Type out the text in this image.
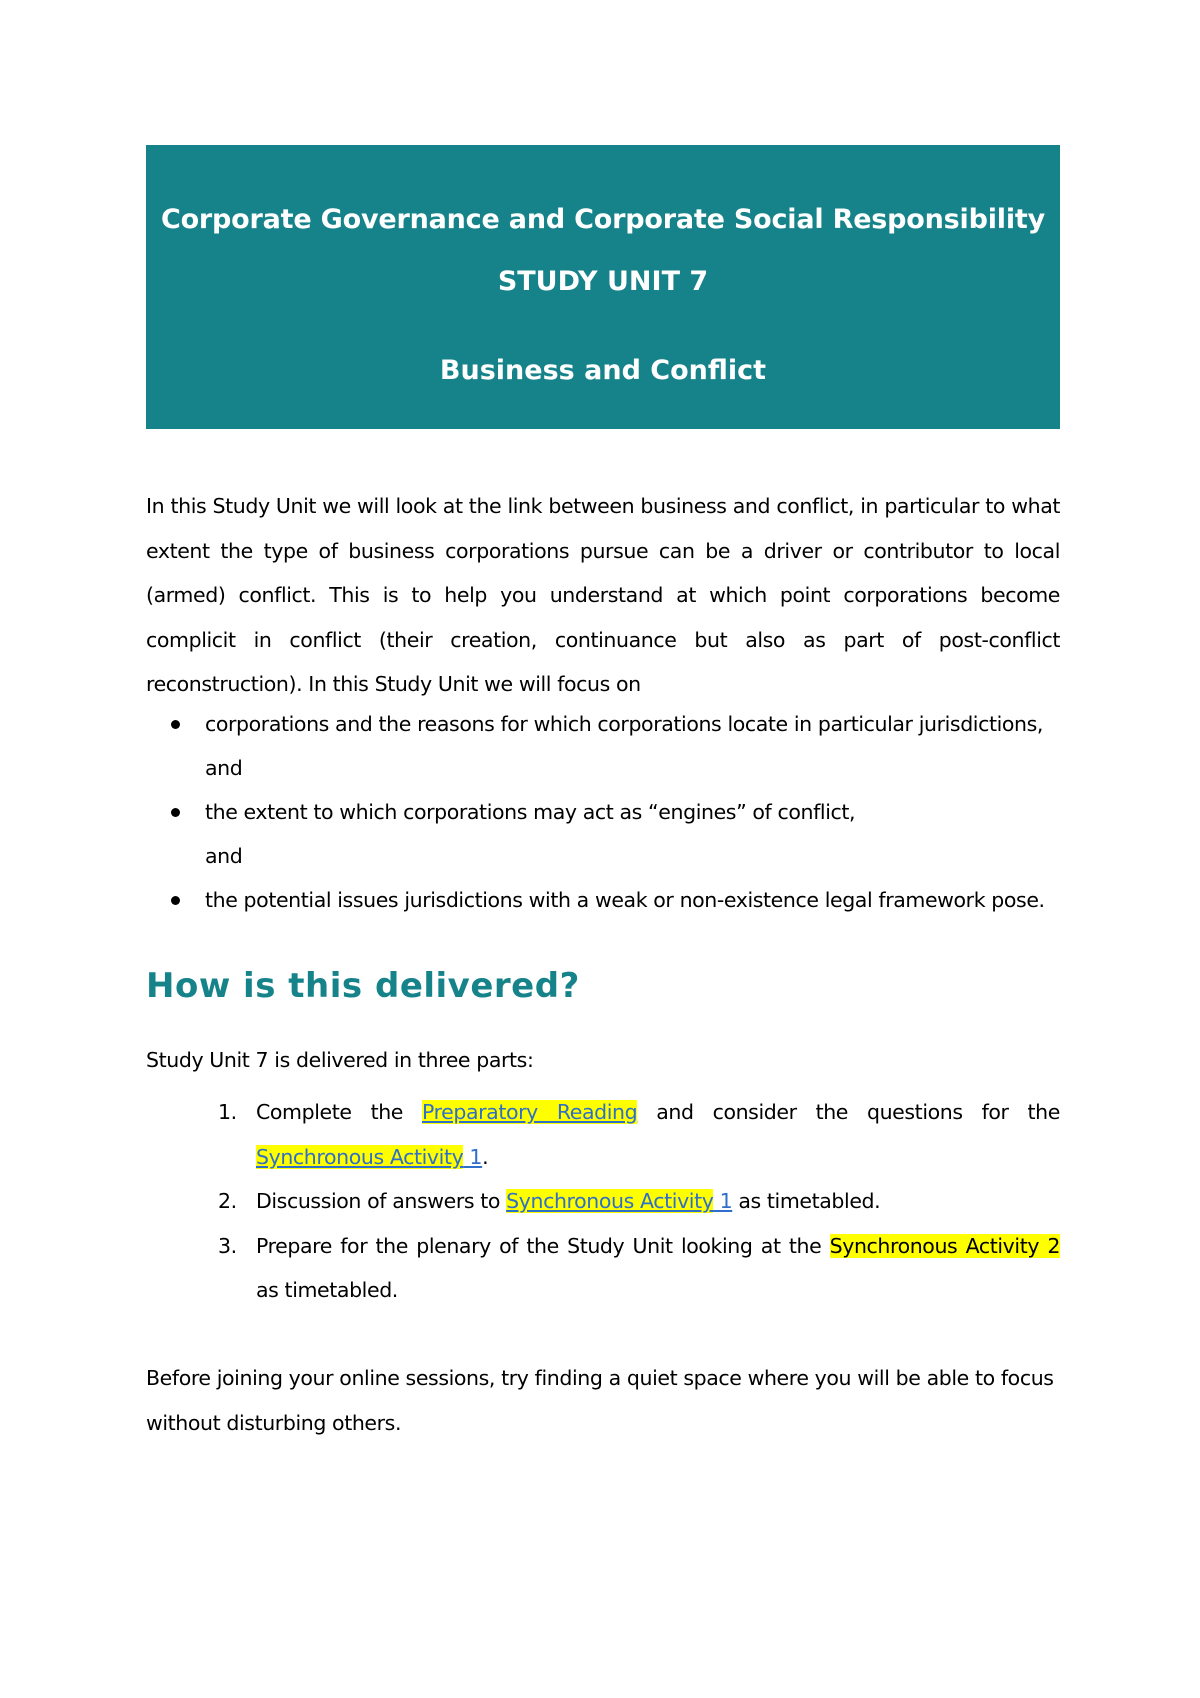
Corporate Governance and Corporate Social Responsibility
STUDY UNIT 7
Business and Conflict

In this Study Unit we will look at the link between business and conflict, in particular to what extent the type of business corporations pursue can be a driver or contributor to local (armed) conflict. This is to help you understand at which point corporations become complicit in conflict (their creation, continuance but also as part of post-conflict reconstruction). In this Study Unit we will focus on

corporations and the reasons for which corporations locate in particular jurisdictions,
and
the extent to which corporations may act as “engines” of conflict,
and
the potential issues jurisdictions with a weak or non-existence legal framework pose.
How is this delivered?

Study Unit 7 is delivered in three parts:

1. Complete the Preparatory Reading and consider the questions for the Synchronous Activity 1.
2. Discussion of answers to Synchronous Activity 1 as timetabled.
3. Prepare for the plenary of the Study Unit looking at the Synchronous Activity 2 as timetabled.

Before joining your online sessions, try finding a quiet space where you will be able to focus without disturbing others.
